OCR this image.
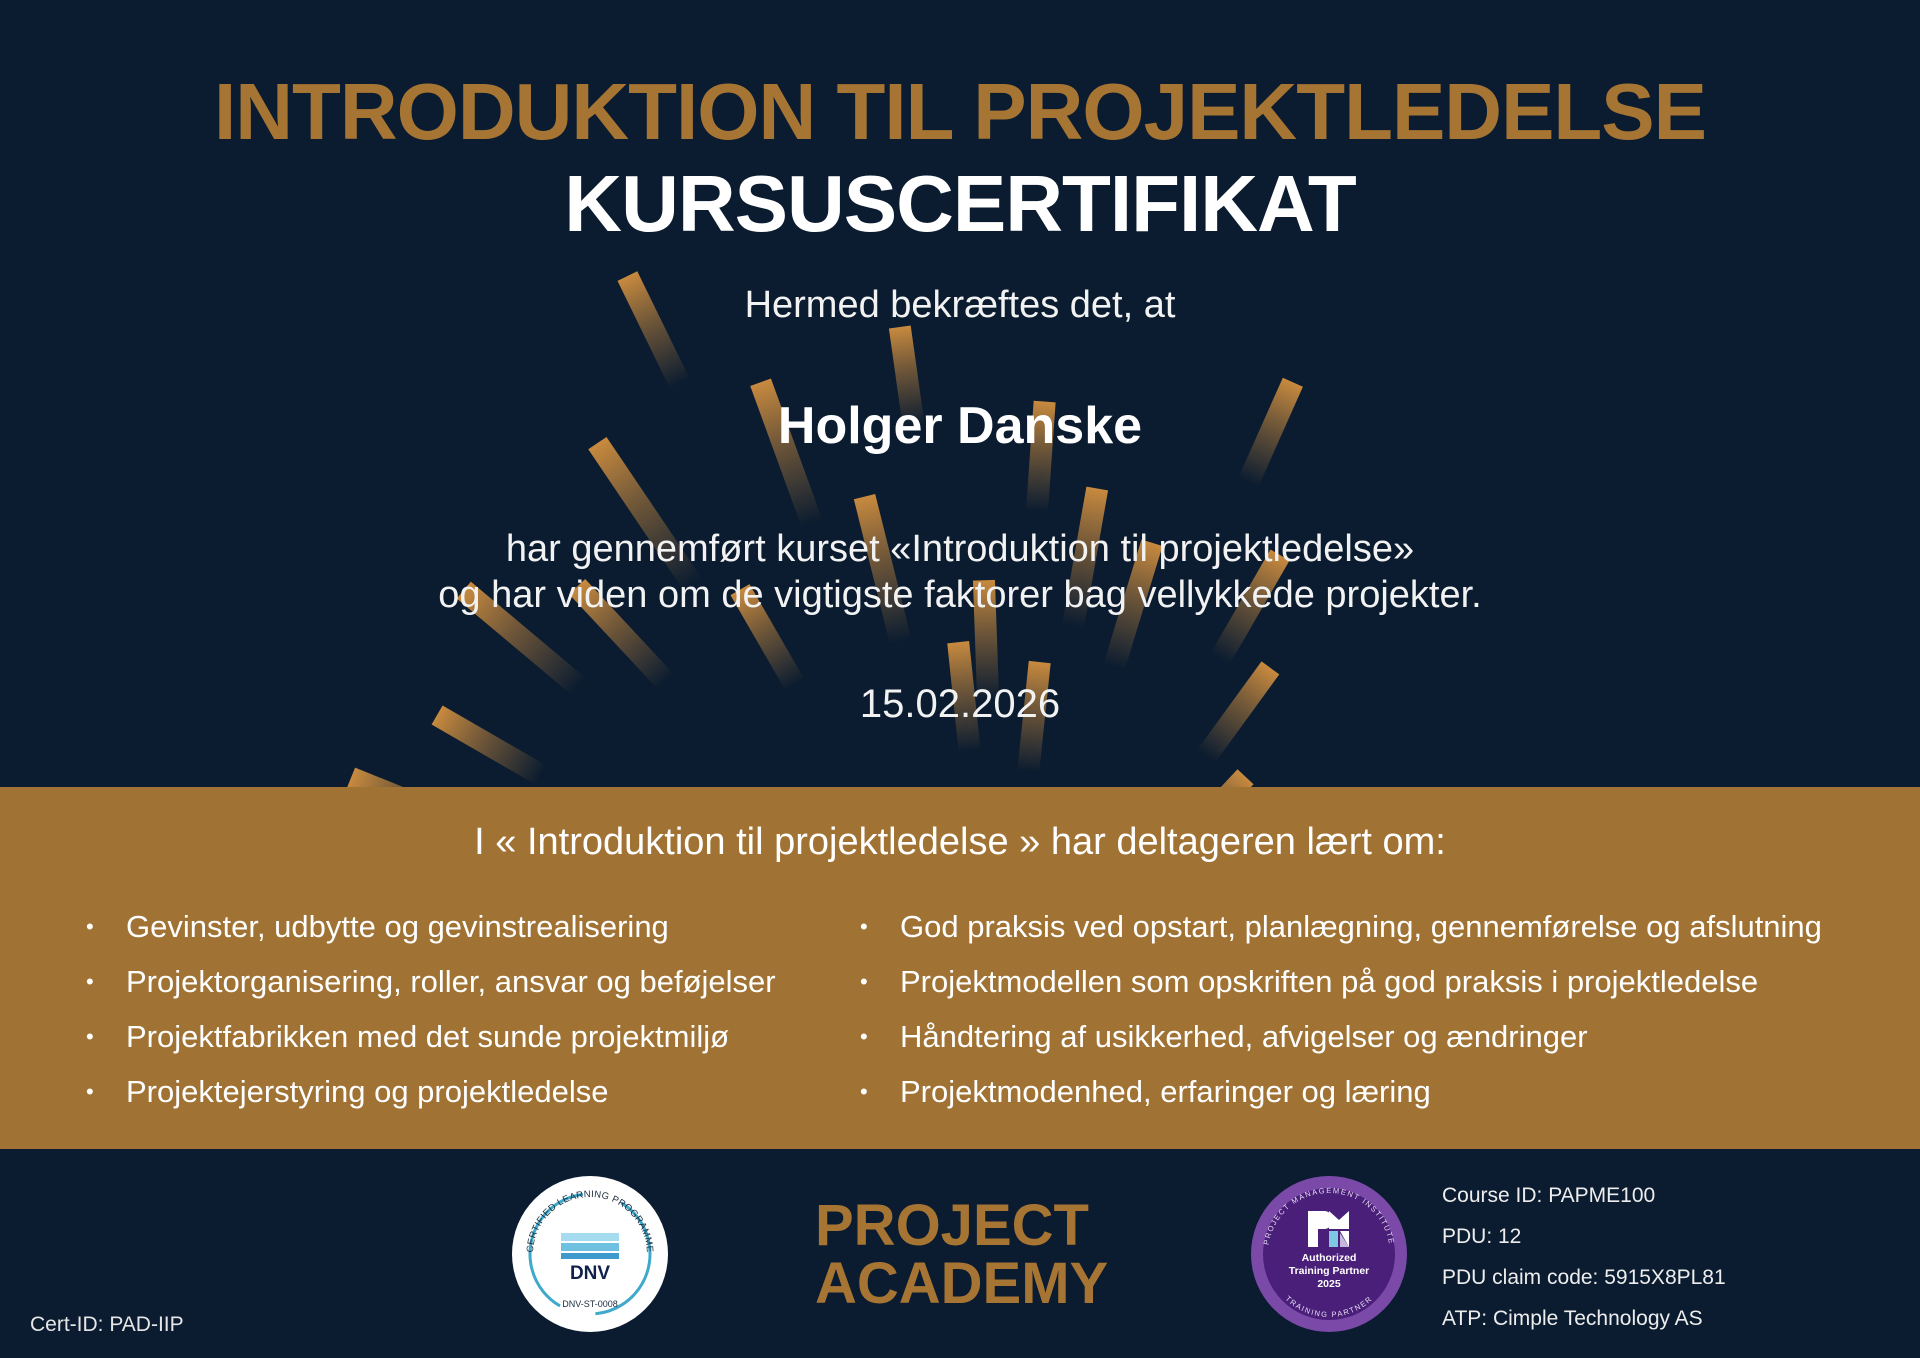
INTRODUKTION TIL PROJEKTLEDELSE
KURSUSCERTIFIKAT
Hermed bekræftes det, at
Holger Danske
har gennemført kurset «Introduktion til projektledelse»
og har viden om de vigtigste faktorer bag vellykkede projekter.
15.02.2026
I « Introduktion til projektledelse » har deltageren lært om:
• Gevinster, udbytte og gevinstrealisering
• Projektorganisering, roller, ansvar og beføjelser
• Projektfabrikken med det sunde projektmiljø
• Projektejerstyring og projektledelse
• God praksis ved opstart, planlægning, gennemførelse og afslutning
• Projektmodellen som opskriften på god praksis i projektledelse
• Håndtering af usikkerhed, afvigelser og ændringer
• Projektmodenhed, erfaringer og læring
Cert-ID: PAD-IIP
CERTIFIED LEARNING PROGRAMME
DNV
DNV-ST-0008
PROJECT
ACADEMY
PROJECT MANAGEMENT INSTITUTE
TRAINING PARTNER
Authorized
Training Partner
2025
Course ID: PAPME100
PDU: 12
PDU claim code: 5915X8PL81
ATP: Cimple Technology AS
